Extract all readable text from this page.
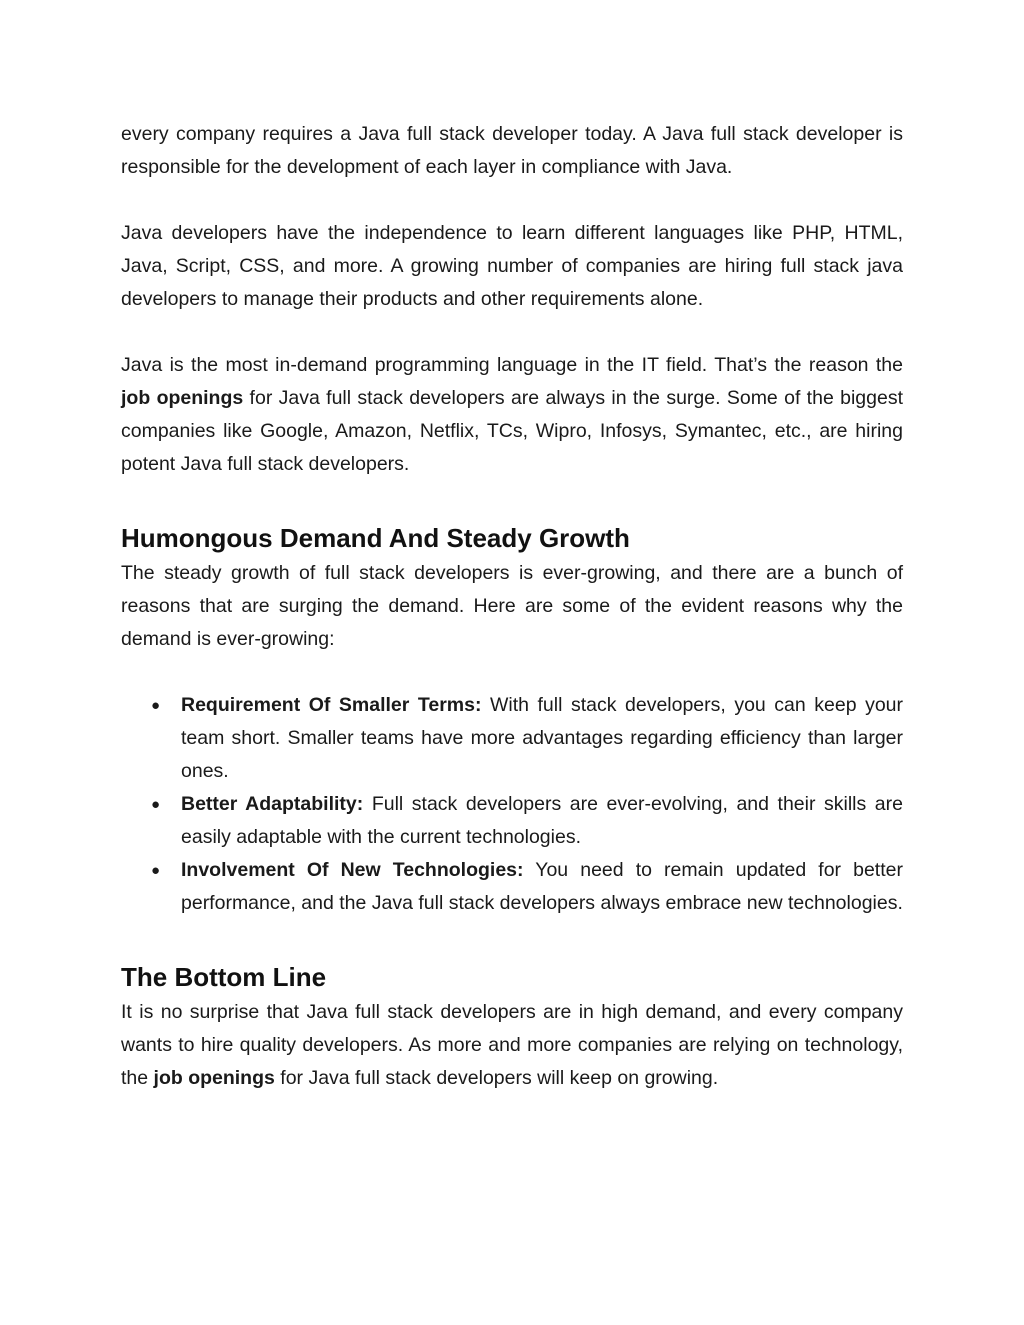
every company requires a Java full stack developer today. A Java full stack developer is responsible for the development of each layer in compliance with Java.

Java developers have the independence to learn different languages like PHP, HTML, Java, Script, CSS, and more. A growing number of companies are hiring full stack java developers to manage their products and other requirements alone.

Java is the most in-demand programming language in the IT field. That’s the reason the job openings for Java full stack developers are always in the surge. Some of the biggest companies like Google, Amazon, Netflix, TCs, Wipro, Infosys, Symantec, etc., are hiring potent Java full stack developers.

Humongous Demand And Steady Growth

The steady growth of full stack developers is ever-growing, and there are a bunch of reasons that are surging the demand. Here are some of the evident reasons why the demand is ever-growing:

● Requirement Of Smaller Terms: With full stack developers, you can keep your team short. Smaller teams have more advantages regarding efficiency than larger ones.
● Better Adaptability: Full stack developers are ever-evolving, and their skills are easily adaptable with the current technologies.
● Involvement Of New Technologies: You need to remain updated for better performance, and the Java full stack developers always embrace new technologies.
The Bottom Line

It is no surprise that Java full stack developers are in high demand, and every company wants to hire quality developers. As more and more companies are relying on technology, the job openings for Java full stack developers will keep on growing.
